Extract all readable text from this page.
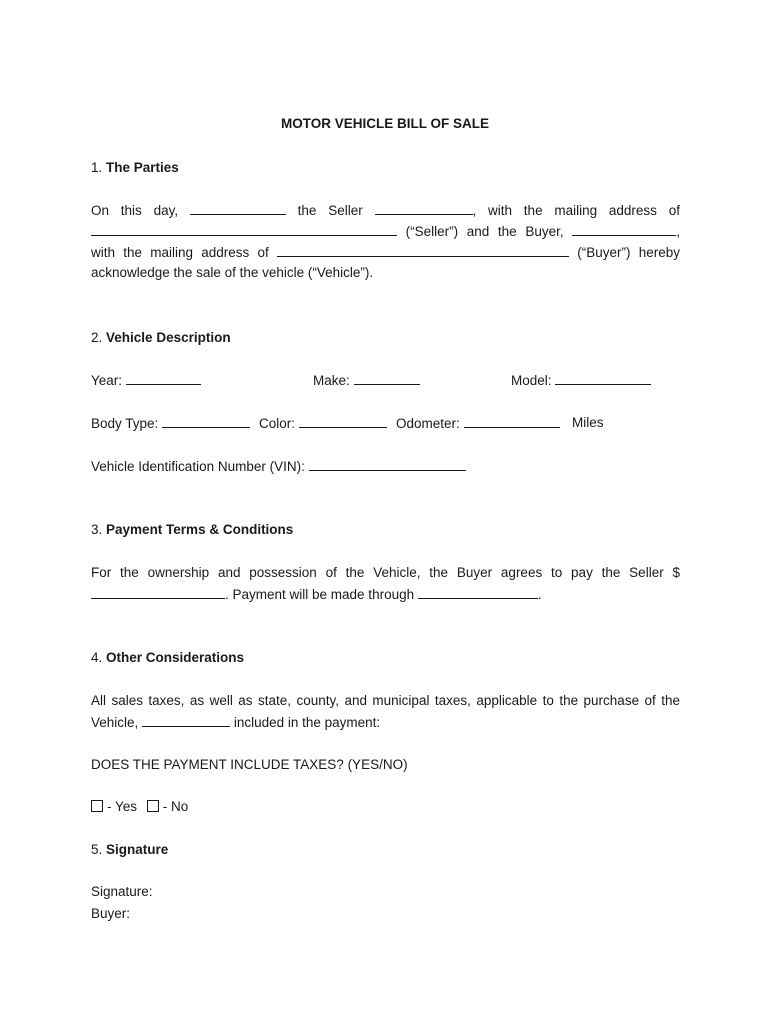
MOTOR VEHICLE BILL OF SALE
1. The Parties
On this day,	the Seller	, with the mailing address of
(“Seller”) and the Buyer,	,
with the mailing address of	(“Buyer”) hereby
acknowledge the sale of the vehicle (“Vehicle”).
2. Vehicle Description
Year:	Make:	Model:
Body Type:	Color:	Odometer:	Miles
Vehicle Identification Number (VIN):
3. Payment Terms & Conditions
For the ownership and possession of the Vehicle, the Buyer agrees to pay the Seller $
. Payment will be made through	.
4. Other Considerations
All sales taxes, as well as state, county, and municipal taxes, applicable to the purchase of the
Vehicle,	included in the payment:
DOES THE PAYMENT INCLUDE TAXES? (YES/NO)
- Yes - No
5. Signature
Signature:
Buyer:
